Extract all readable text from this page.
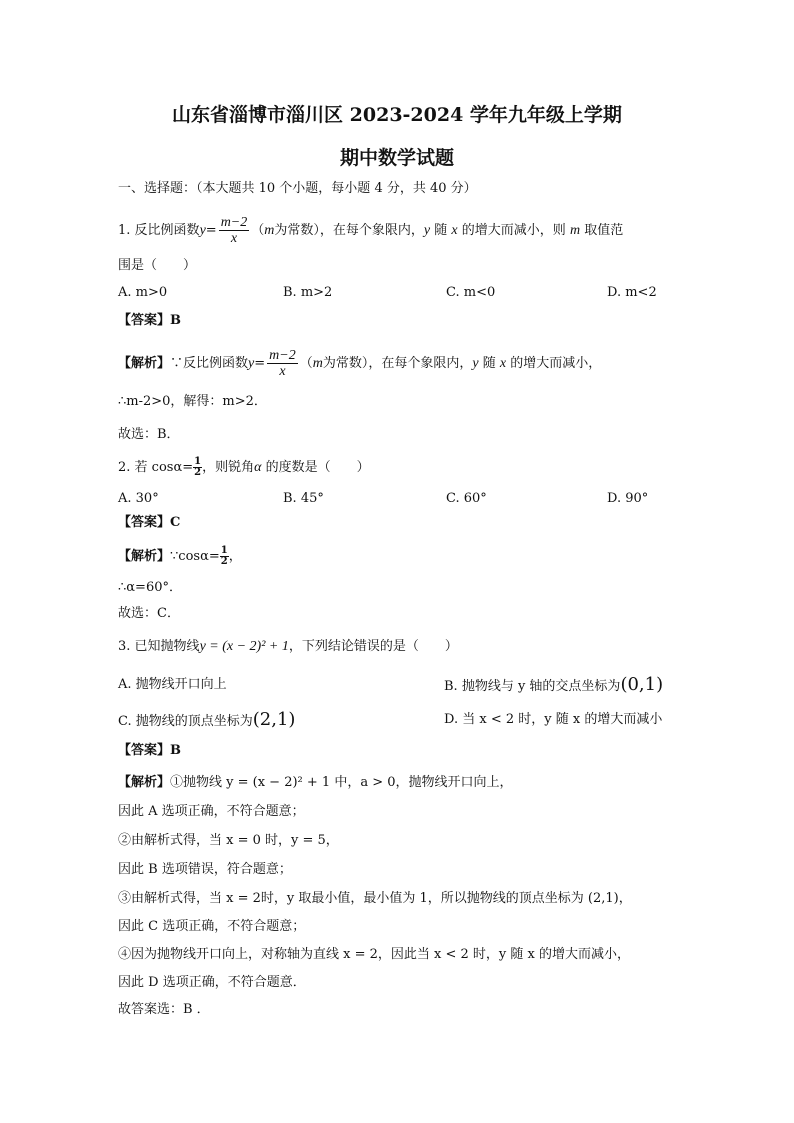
山东省淄博市淄川区 2023-2024 学年九年级上学期
期中数学试题
一、选择题：（本大题共 10 个小题，每小题 4 分，共 40 分）
1. 反比例函数$y= \frac{m-2}{x} (m$为常数），在每个象限内，y 随 x 的增大而减小，则 m 取值范
围是（　　）
A. m>0	B. m>2	C. m<0	D. m<2
【答案】B
【解析】∵反比例函数$y= \frac{m-2}{x} (m$为常数），在每个象限内，y 随 x 的增大而减小，
∴m-2>0，解得：m>2．
故选：B．
2. 若 $\cos\alpha= \frac{1}{2}$ ，则锐角α 的度数是（　　）
A. 30°	B. 45°	C. 60°	D. 90°
【答案】C
【解析】∵cosα= $\frac{1}{2}$ ，
∴α=60°．
故选：C．
3. 已知抛物线y = (x − 2)² + 1，下列结论错误的是（　　）
A. 抛物线开口向上	B. 抛物线与 y 轴的交点坐标为(0,1)
C. 抛物线的顶点坐标为(2,1)	D. 当 x < 2 时，y 随 x 的增大而减小
【答案】B
【解析】①抛物线 y = (x − 2)² + 1 中，a > 0，抛物线开口向上，
因此 A 选项正确，不符合题意；
②由解析式得，当 x = 0 时，y = 5，
因此 B 选项错误，符合题意；
③由解析式得，当 x = 2时，y 取最小值，最小值为 1，所以抛物线的顶点坐标为 (2,1)，
因此 C 选项正确，不符合题意；
④因为抛物线开口向上，对称轴为直线 x = 2，因此当 x < 2 时，y 随 x 的增大而减小，
因此 D 选项正确，不符合题意．
故答案选：B ．
